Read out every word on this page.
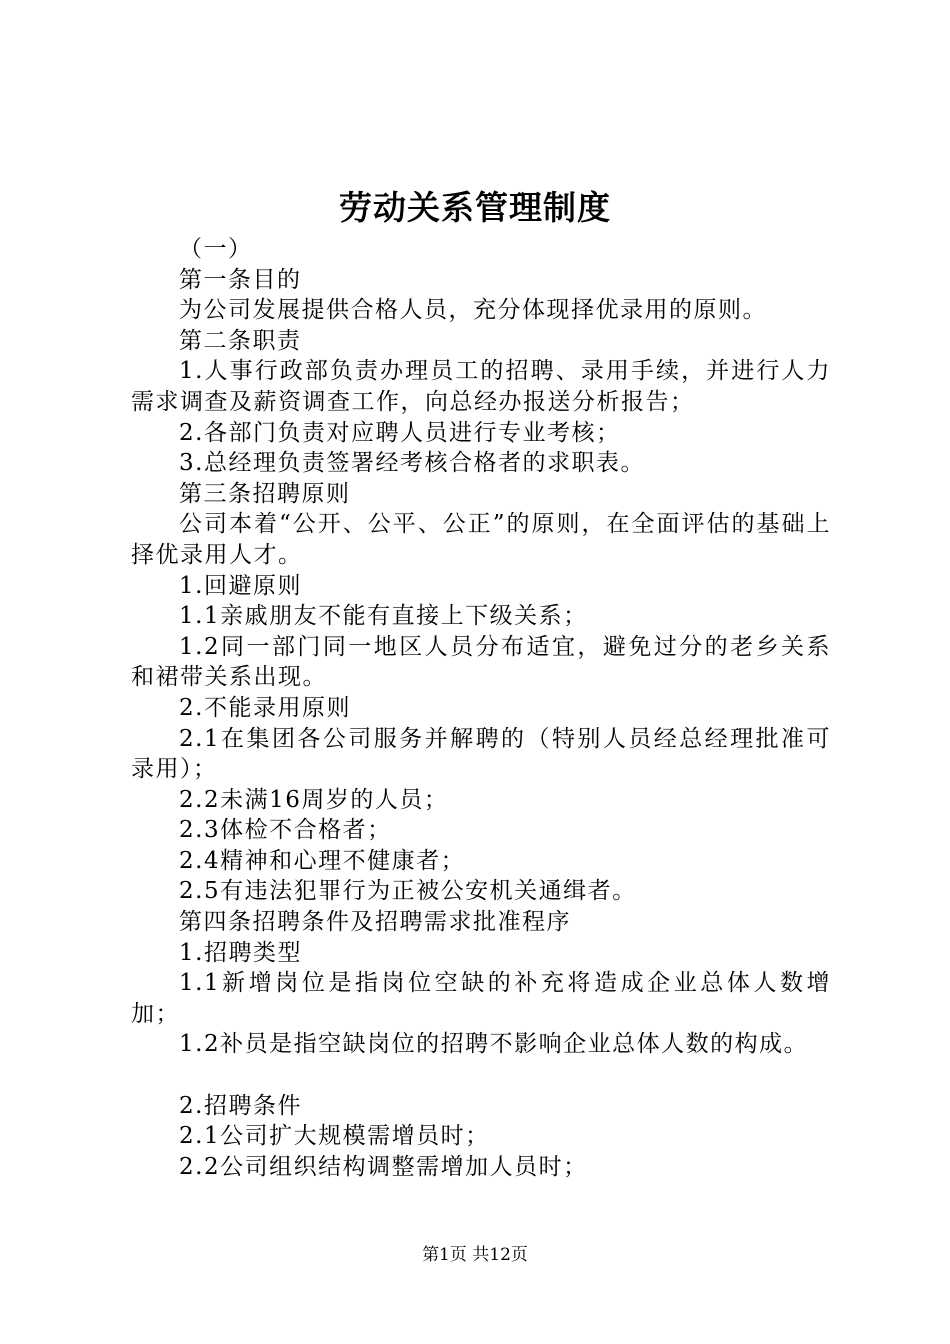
劳动关系管理制度

（一）

第一条目的

为公司发展提供合格人员，充分体现择优录用的原则。

第二条职责

1.人事行政部负责办理员工的招聘、录用手续，并进行人力需求调查及薪资调查工作，向总经办报送分析报告；

2.各部门负责对应聘人员进行专业考核；

3.总经理负责签署经考核合格者的求职表。

第三条招聘原则

公司本着“公开、公平、公正”的原则，在全面评估的基础上择优录用人才。

1.回避原则

1.1亲戚朋友不能有直接上下级关系；

1.2同一部门同一地区人员分布适宜，避免过分的老乡关系和裙带关系出现。

2.不能录用原则

2.1在集团各公司服务并解聘的（特别人员经总经理批准可录用）；

2.2未满16周岁的人员；

2.3体检不合格者；

2.4精神和心理不健康者；

2.5有违法犯罪行为正被公安机关通缉者。

第四条招聘条件及招聘需求批准程序

1.招聘类型

1.1新增岗位是指岗位空缺的补充将造成企业总体人数增加；

1.2补员是指空缺岗位的招聘不影响企业总体人数的构成。

2.招聘条件

2.1公司扩大规模需增员时；

2.2公司组织结构调整需增加人员时；

第1页 共12页
